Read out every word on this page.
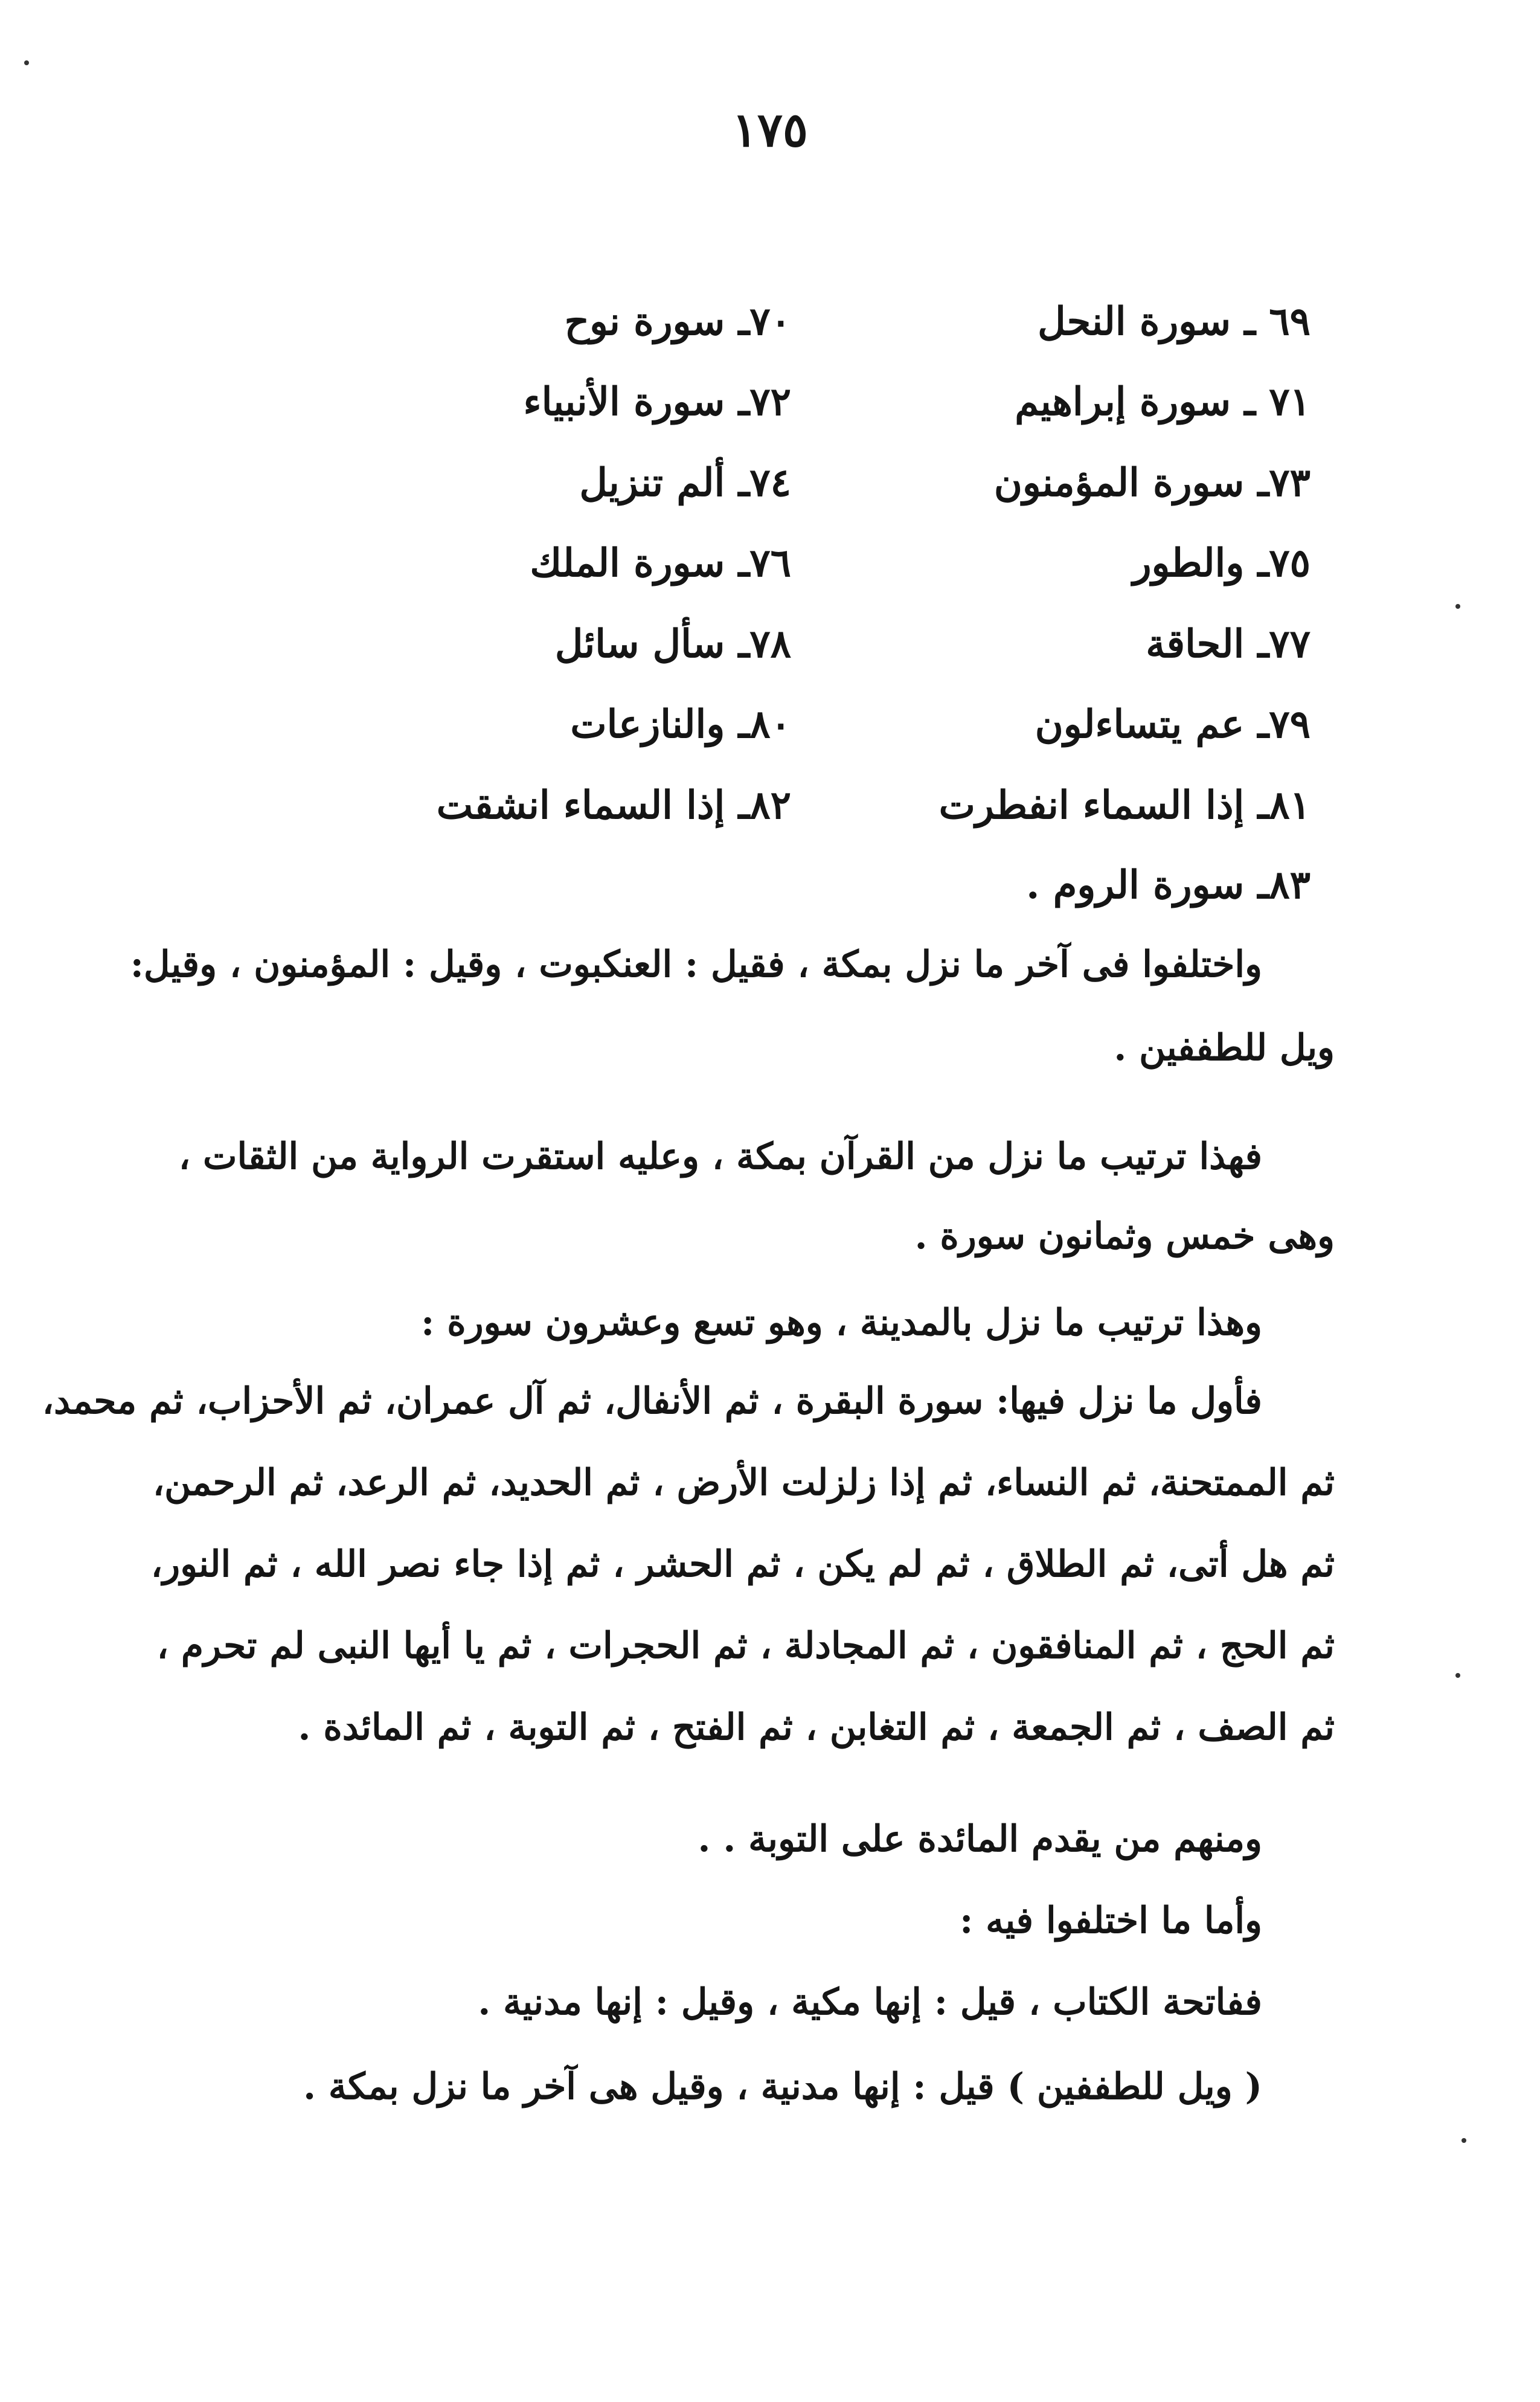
١٧٥
٦٩ ـ سورة النحل
٧٠ـ سورة نوح
٧١ ـ سورة إبراهيم
٧٢ـ سورة الأنبياء
٧٣ـ سورة المؤمنون
٧٤ـ ألم تنزيل
٧٥ـ والطور
٧٦ـ سورة الملك
٧٧ـ الحاقة
٧٨ـ سأل سائل
٧٩ـ عم يتساءلون
٨٠ـ والنازعات
٨١ـ إذا السماء انفطرت
٨٢ـ إذا السماء انشقت
٨٣ـ سورة الروم .
واختلفوا فى آخر ما نزل بمكة ، فقيل : العنكبوت ، وقيل : المؤمنون ، وقيل:
ويل للطففين .
فهذا ترتيب ما نزل من القرآن بمكة ، وعليه استقرت الرواية من الثقات ،
وهى خمس وثمانون سورة .
وهذا ترتيب ما نزل بالمدينة ، وهو تسع وعشرون سورة :
فأول ما نزل فيها: سورة البقرة ، ثم الأنفال، ثم آل عمران، ثم الأحزاب، ثم محمد،
ثم الممتحنة، ثم النساء، ثم إذا زلزلت الأرض ، ثم الحديد، ثم الرعد، ثم الرحمن،
ثم هل أتى، ثم الطلاق ، ثم لم يكن ، ثم الحشر ، ثم إذا جاء نصر الله ، ثم النور،
ثم الحج ، ثم المنافقون ، ثم المجادلة ، ثم الحجرات ، ثم يا أيها النبى لم تحرم ،
ثم الصف ، ثم الجمعة ، ثم التغابن ، ثم الفتح ، ثم التوبة ، ثم المائدة .
ومنهم من يقدم المائدة على التوبة . .
وأما ما اختلفوا فيه :
ففاتحة الكتاب ، قيل : إنها مكية ، وقيل : إنها مدنية .
( ويل للطففين ) قيل : إنها مدنية ، وقيل هى آخر ما نزل بمكة .
